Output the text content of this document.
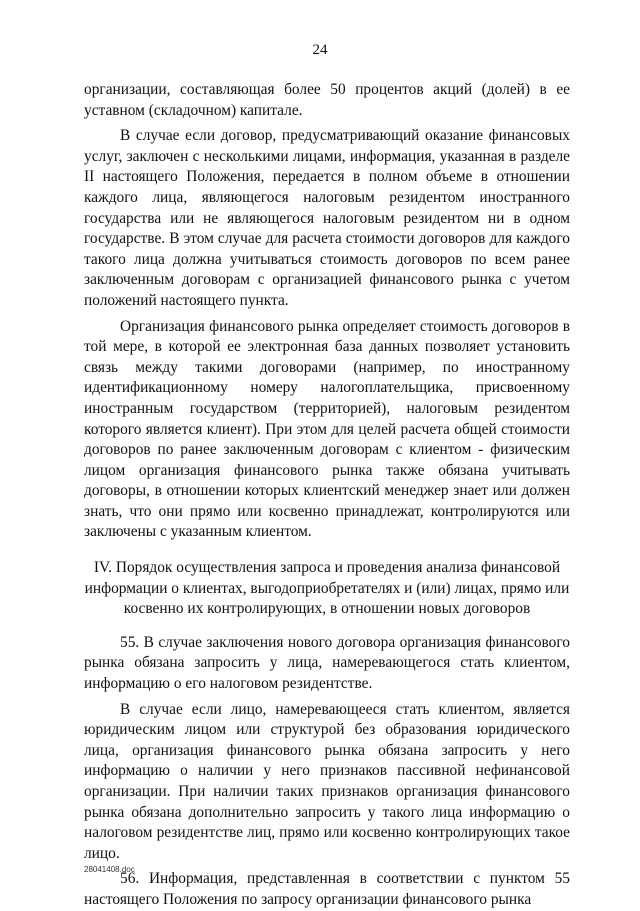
24

организации, составляющая более 50 процентов акций (долей) в ее уставном (складочном) капитале.

В случае если договор, предусматривающий оказание финансовых услуг, заключен с несколькими лицами, информация, указанная в разделе II настоящего Положения, передается в полном объеме в отношении каждого лица, являющегося налоговым резидентом иностранного государства или не являющегося налоговым резидентом ни в одном государстве. В этом случае для расчета стоимости договоров для каждого такого лица должна учитываться стоимость договоров по всем ранее заключенным договорам с организацией финансового рынка с учетом положений настоящего пункта.

Организация финансового рынка определяет стоимость договоров в той мере, в которой ее электронная база данных позволяет установить связь между такими договорами (например, по иностранному идентификационному номеру налогоплательщика, присвоенному иностранным государством (территорией), налоговым резидентом которого является клиент). При этом для целей расчета общей стоимости договоров по ранее заключенным договорам с клиентом - физическим лицом организация финансового рынка также обязана учитывать договоры, в отношении которых клиентский менеджер знает или должен знать, что они прямо или косвенно принадлежат, контролируются или заключены с указанным клиентом.

IV. Порядок осуществления запроса и проведения анализа финансовой информации о клиентах, выгодоприобретателях и (или) лицах, прямо или косвенно их контролирующих, в отношении новых договоров

55. В случае заключения нового договора организация финансового рынка обязана запросить у лица, намеревающегося стать клиентом, информацию о его налоговом резидентстве.

В случае если лицо, намеревающееся стать клиентом, является юридическим лицом или структурой без образования юридического лица, организация финансового рынка обязана запросить у него информацию о наличии у него признаков пассивной нефинансовой организации. При наличии таких признаков организация финансового рынка обязана дополнительно запросить у такого лица информацию о налоговом резидентстве лиц, прямо или косвенно контролирующих такое лицо.

56. Информация, представленная в соответствии с пунктом 55 настоящего Положения по запросу организации финансового рынка

28041408.doc
